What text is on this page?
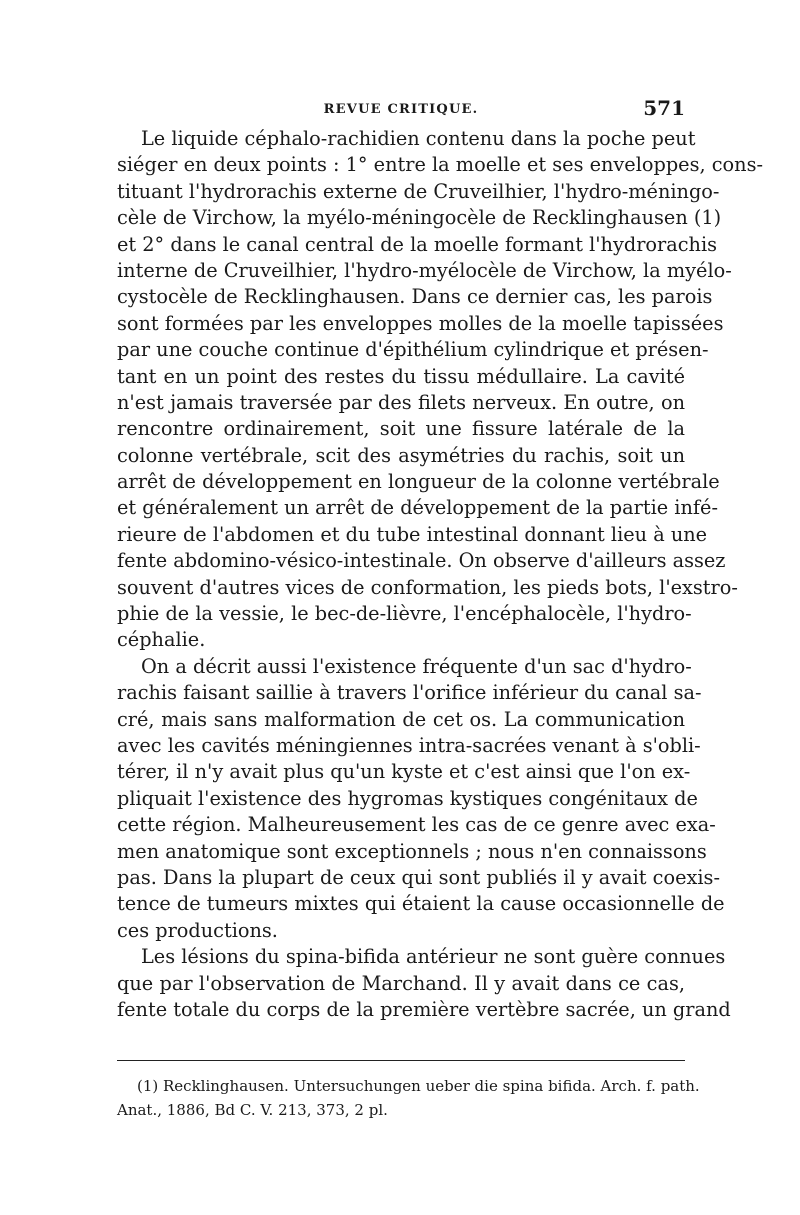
REVUE CRITIQUE.	571
Le liquide céphalo-rachidien contenu dans la poche peut
siéger en deux points : 1° entre la moelle et ses enveloppes, cons-
tituant l'hydrorachis externe de Cruveilhier, l'hydro-méningo-
cèle de Virchow, la myélo-méningocèle de Recklinghausen (1)
et 2° dans le canal central de la moelle formant l'hydrorachis
interne de Cruveilhier, l'hydro-myélocèle de Virchow, la myélo-
cystocèle de Recklinghausen. Dans ce dernier cas, les parois
sont formées par les enveloppes molles de la moelle tapissées
par une couche continue d'épithélium cylindrique et présen-
tant en un point des restes du tissu médullaire. La cavité
n'est jamais traversée par des filets nerveux. En outre, on
rencontre ordinairement, soit une fissure latérale de la
colonne vertébrale, scit des asymétries du rachis, soit un
arrêt de développement en longueur de la colonne vertébrale
et généralement un arrêt de développement de la partie infé-
rieure de l'abdomen et du tube intestinal donnant lieu à une
fente abdomino-vésico-intestinale. On observe d'ailleurs assez
souvent d'autres vices de conformation, les pieds bots, l'exstro-
phie de la vessie, le bec-de-lièvre, l'encéphalocèle, l'hydro-
céphalie.
On a décrit aussi l'existence fréquente d'un sac d'hydro-
rachis faisant saillie à travers l'orifice inférieur du canal sa-
cré, mais sans malformation de cet os. La communication
avec les cavités méningiennes intra-sacrées venant à s'obli-
térer, il n'y avait plus qu'un kyste et c'est ainsi que l'on ex-
pliquait l'existence des hygromas kystiques congénitaux de
cette région. Malheureusement les cas de ce genre avec exa-
men anatomique sont exceptionnels ; nous n'en connaissons
pas. Dans la plupart de ceux qui sont publiés il y avait coexis-
tence de tumeurs mixtes qui étaient la cause occasionnelle de
ces productions.
Les lésions du spina-bifida antérieur ne sont guère connues
que par l'observation de Marchand. Il y avait dans ce cas,
fente totale du corps de la première vertèbre sacrée, un grand
(1) Recklinghausen. Untersuchungen ueber die spina bifida. Arch. f. path.
Anat., 1886, Bd C. V. 213, 373, 2 pl.
